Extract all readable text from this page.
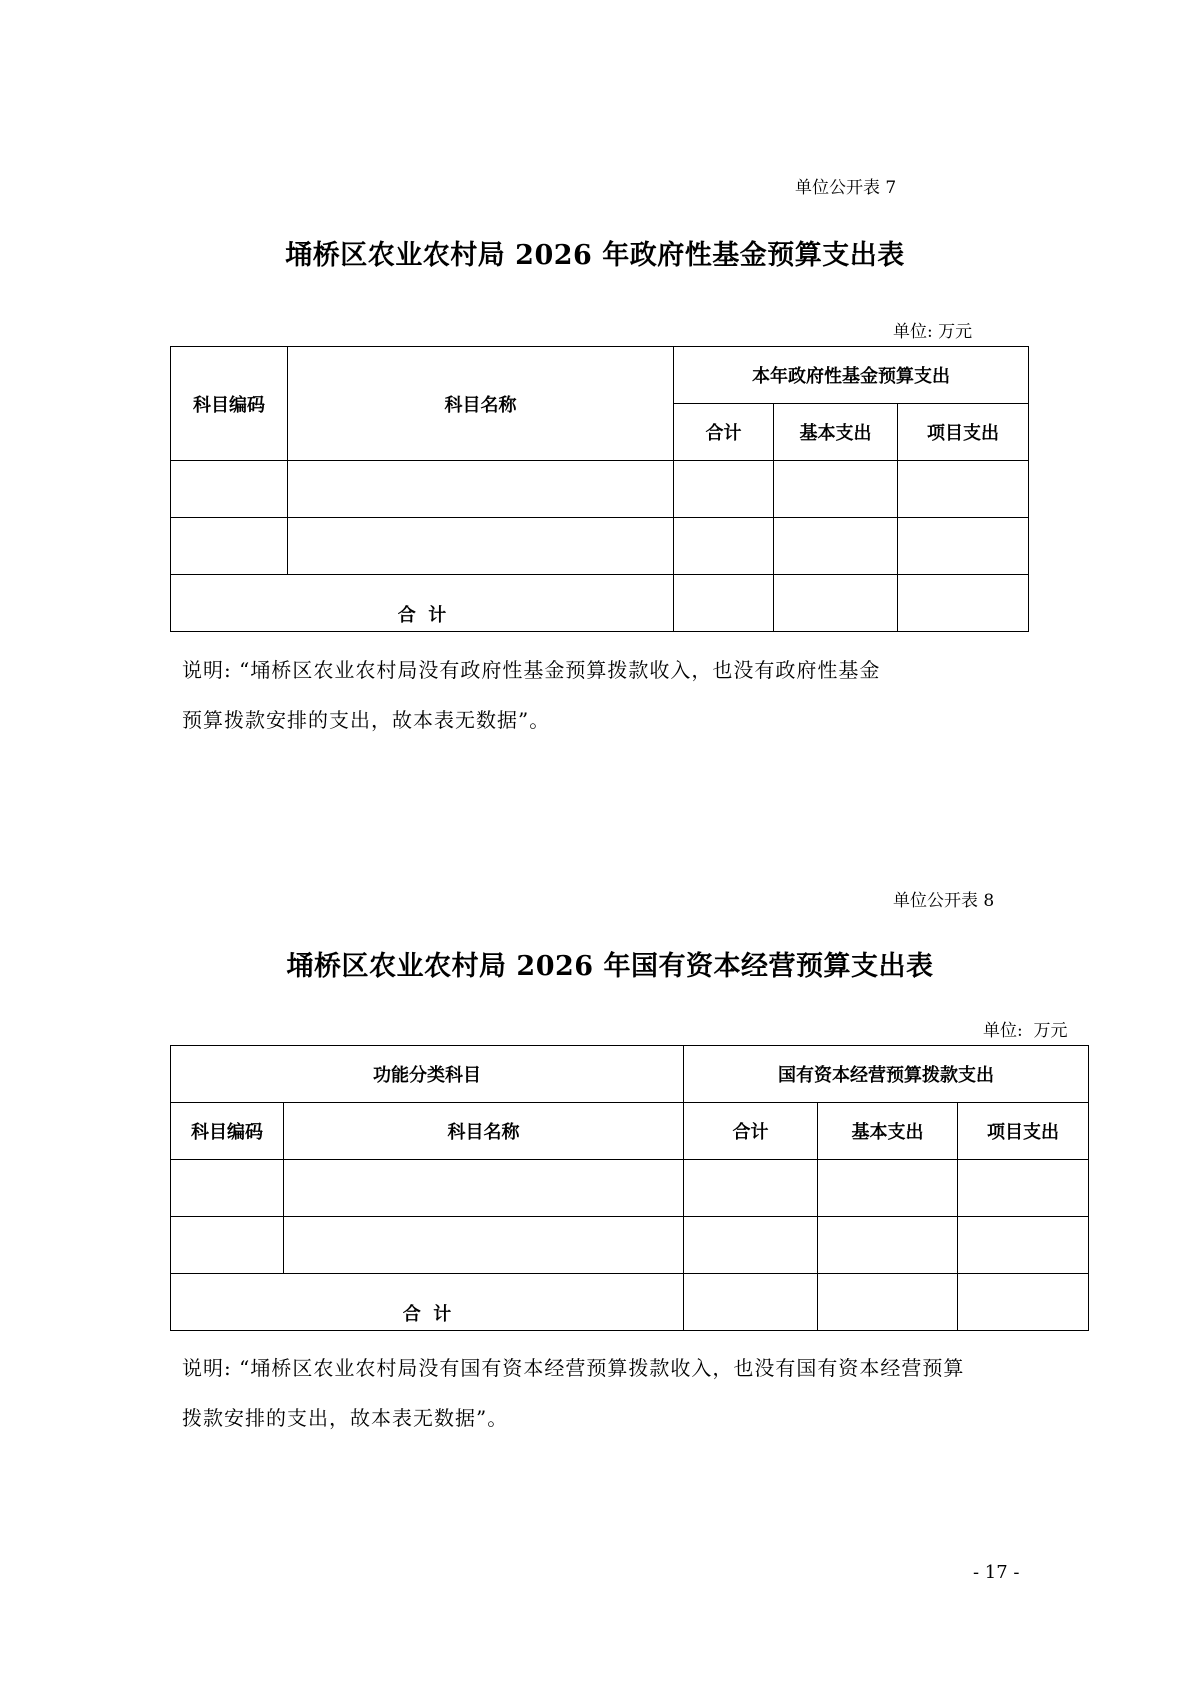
单位公开表 7
埇桥区农业农村局 2026 年政府性基金预算支出表
单位: 万元
科目编码	科目名称	本年政府性基金预算支出		
		合计	基本支出	项目支出

合  计				
说明: “埇桥区农业农村局没有政府性基金预算拨款收入，也没有政府性基金
预算拨款安排的支出，故本表无数据”。
单位公开表 8
埇桥区农业农村局 2026 年国有资本经营预算支出表
单位:  万元
功能分类科目		国有资本经营预算拨款支出		
科目编码	科目名称	合计	基本支出	项目支出

合  计				
说明: “埇桥区农业农村局没有国有资本经营预算拨款收入，也没有国有资本经营预算
拨款安排的支出，故本表无数据”。
- 17 -
